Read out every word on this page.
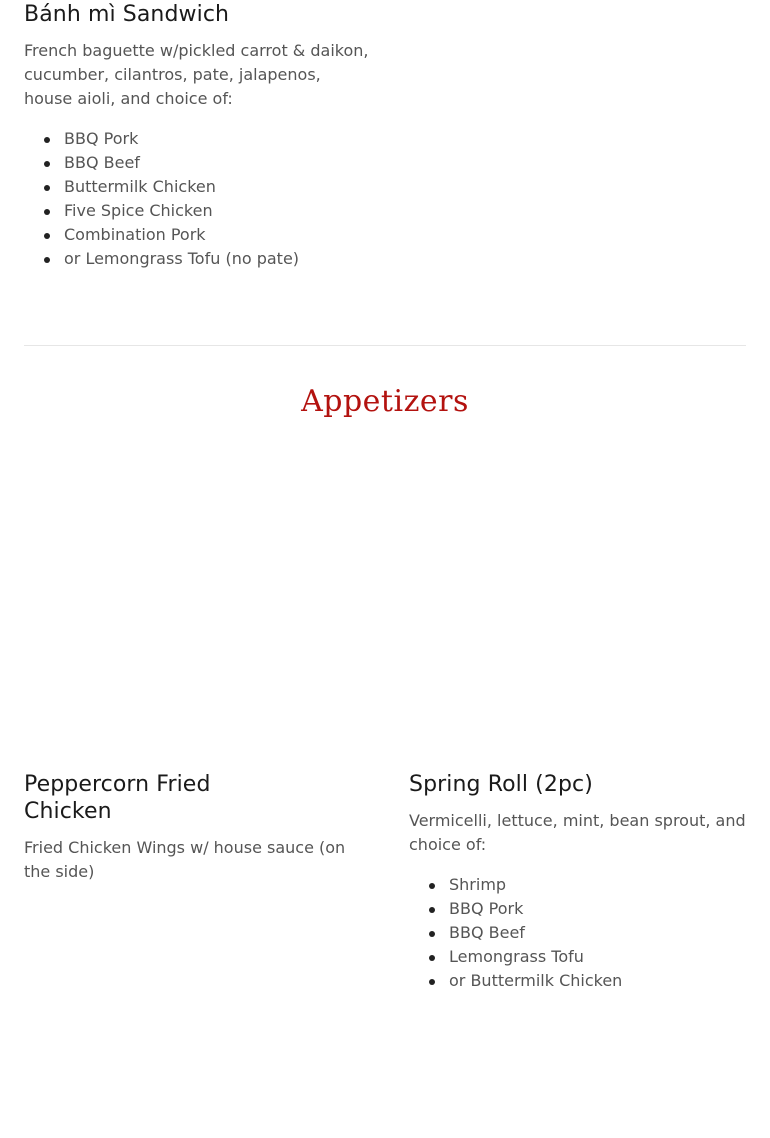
Bánh mì Sandwich

French baguette w/pickled carrot & daikon, cucumber, cilantros, pate, jalapenos, house aioli, and choice of:

BBQ Pork
BBQ Beef
Buttermilk Chicken
Five Spice Chicken
Combination Pork
or Lemongrass Tofu (no pate)
Appetizers
Peppercorn Fried Chicken

Fried Chicken Wings w/ house sauce (on the side)

Spring Roll (2pc)

Vermicelli, lettuce, mint, bean sprout, and choice of:

Shrimp
BBQ Pork
BBQ Beef
Lemongrass Tofu
or Buttermilk Chicken
